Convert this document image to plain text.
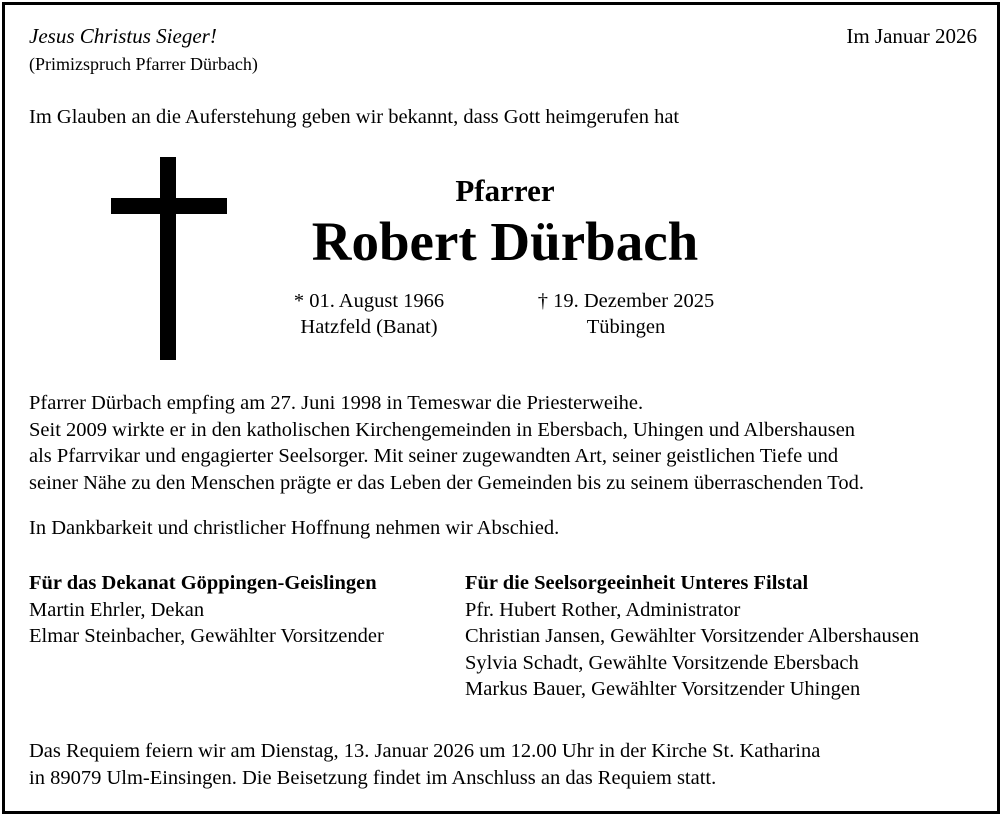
Jesus Christus Sieger!
(Primizspruch Pfarrer Dürbach)
Im Januar 2026
Im Glauben an die Auferstehung geben wir bekannt, dass Gott heimgerufen hat
Pfarrer
Robert Dürbach
* 01. August 1966
Hatzfeld (Banat)
† 19. Dezember 2025
Tübingen
Pfarrer Dürbach empfing am 27. Juni 1998 in Temeswar die Priesterweihe.
Seit 2009 wirkte er in den katholischen Kirchengemeinden in Ebersbach, Uhingen und Albershausen
als Pfarrvikar und engagierter Seelsorger. Mit seiner zugewandten Art, seiner geistlichen Tiefe und
seiner Nähe zu den Menschen prägte er das Leben der Gemeinden bis zu seinem überraschenden Tod.
In Dankbarkeit und christlicher Hoffnung nehmen wir Abschied.
Für das Dekanat Göppingen-Geislingen
Martin Ehrler, Dekan
Elmar Steinbacher, Gewählter Vorsitzender
Für die Seelsorgeeinheit Unteres Filstal
Pfr. Hubert Rother, Administrator
Christian Jansen, Gewählter Vorsitzender Albershausen
Sylvia Schadt, Gewählte Vorsitzende Ebersbach
Markus Bauer, Gewählter Vorsitzender Uhingen
Das Requiem feiern wir am Dienstag, 13. Januar 2026 um 12.00 Uhr in der Kirche St. Katharina
in 89079 Ulm-Einsingen. Die Beisetzung findet im Anschluss an das Requiem statt.
